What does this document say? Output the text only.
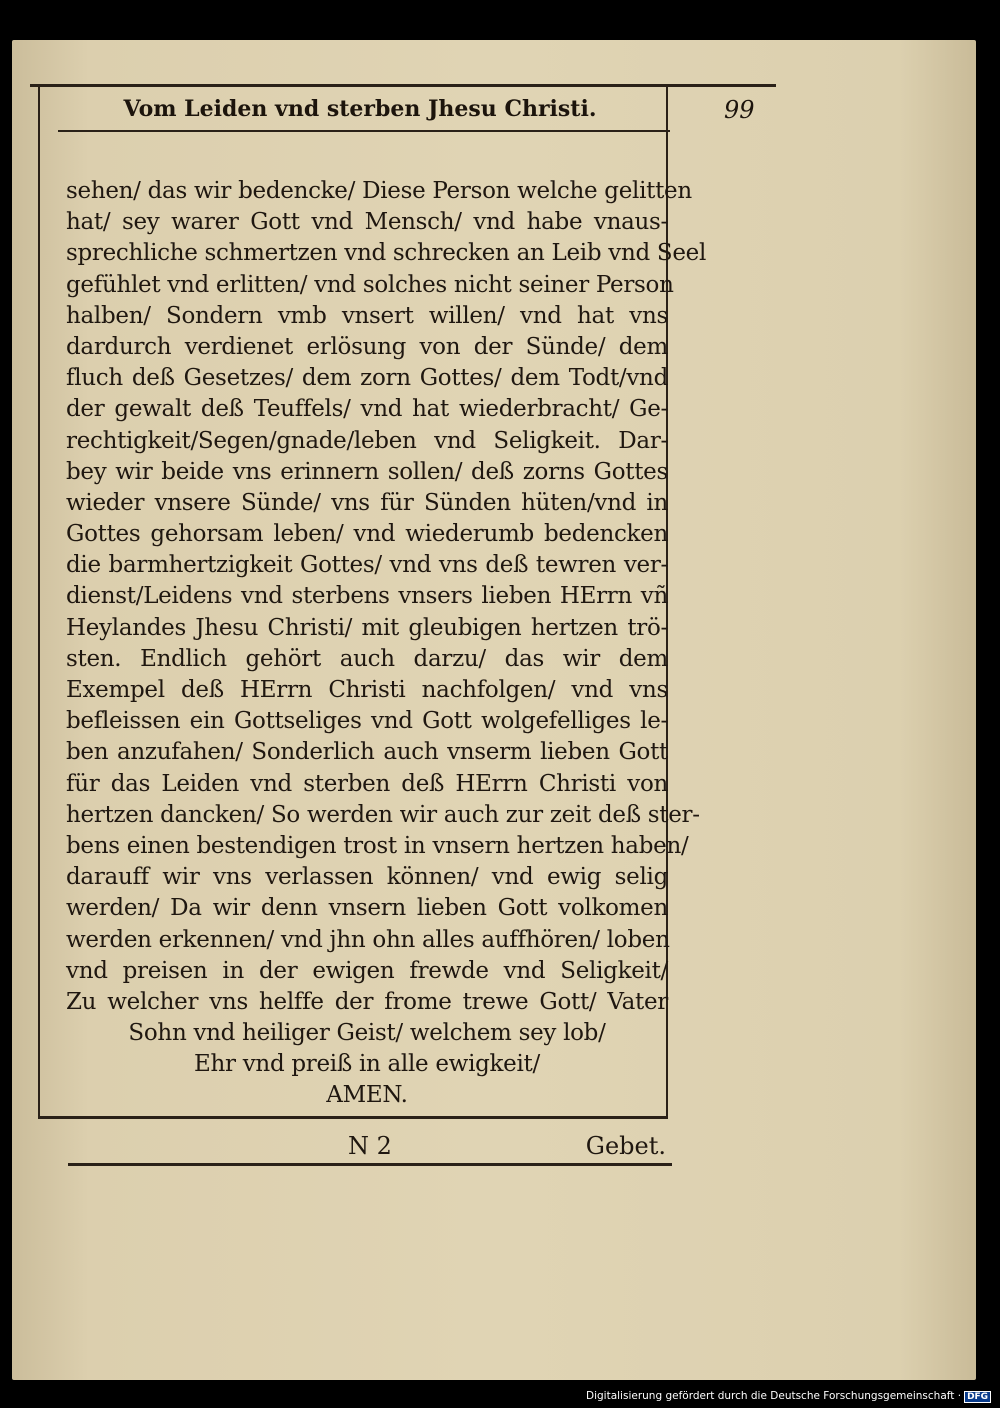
Vom Leiden vnd sterben Jhesu Christi.	99
sehen/ das wir bedencke/ Diese Person welche gelitten
hat/ sey warer Gott vnd Mensch/ vnd habe vnaus-
sprechliche schmertzen vnd schrecken an Leib vnd Seel
gefühlet vnd erlitten/ vnd solches nicht seiner Person
halben/ Sondern vmb vnsert willen/ vnd hat vns
dardurch verdienet erlösung von der Sünde/ dem
fluch deß Gesetzes/ dem zorn Gottes/ dem Todt/vnd
der gewalt deß Teuffels/ vnd hat wiederbracht/ Ge-
rechtigkeit/Segen/gnade/leben vnd Seligkeit. Dar-
bey wir beide vns erinnern sollen/ deß zorns Gottes
wieder vnsere Sünde/ vns für Sünden hüten/vnd in
Gottes gehorsam leben/ vnd wiederumb bedencken
die barmhertzigkeit Gottes/ vnd vns deß tewren ver-
dienst/Leidens vnd sterbens vnsers lieben HErrn vñ
Heylandes Jhesu Christi/ mit gleubigen hertzen trö-
sten. Endlich gehört auch darzu/ das wir dem
Exempel deß HErrn Christi nachfolgen/ vnd vns
befleissen ein Gottseliges vnd Gott wolgefelliges le-
ben anzufahen/ Sonderlich auch vnserm lieben Gott
für das Leiden vnd sterben deß HErrn Christi von
hertzen dancken/ So werden wir auch zur zeit deß ster-
bens einen bestendigen trost in vnsern hertzen haben/
darauff wir vns verlassen können/ vnd ewig selig
werden/ Da wir denn vnsern lieben Gott volkomen
werden erkennen/ vnd jhn ohn alles auffhören/ loben
vnd preisen in der ewigen frewde vnd Seligkeit/
Zu welcher vns helffe der frome trewe Gott/ Vater
Sohn vnd heiliger Geist/ welchem sey lob/
Ehr vnd preiß in alle ewigkeit/
AMEN.
N 2	Gebet.
Digitalisierung gefördert durch die Deutsche Forschungsgemeinschaft · DFG
